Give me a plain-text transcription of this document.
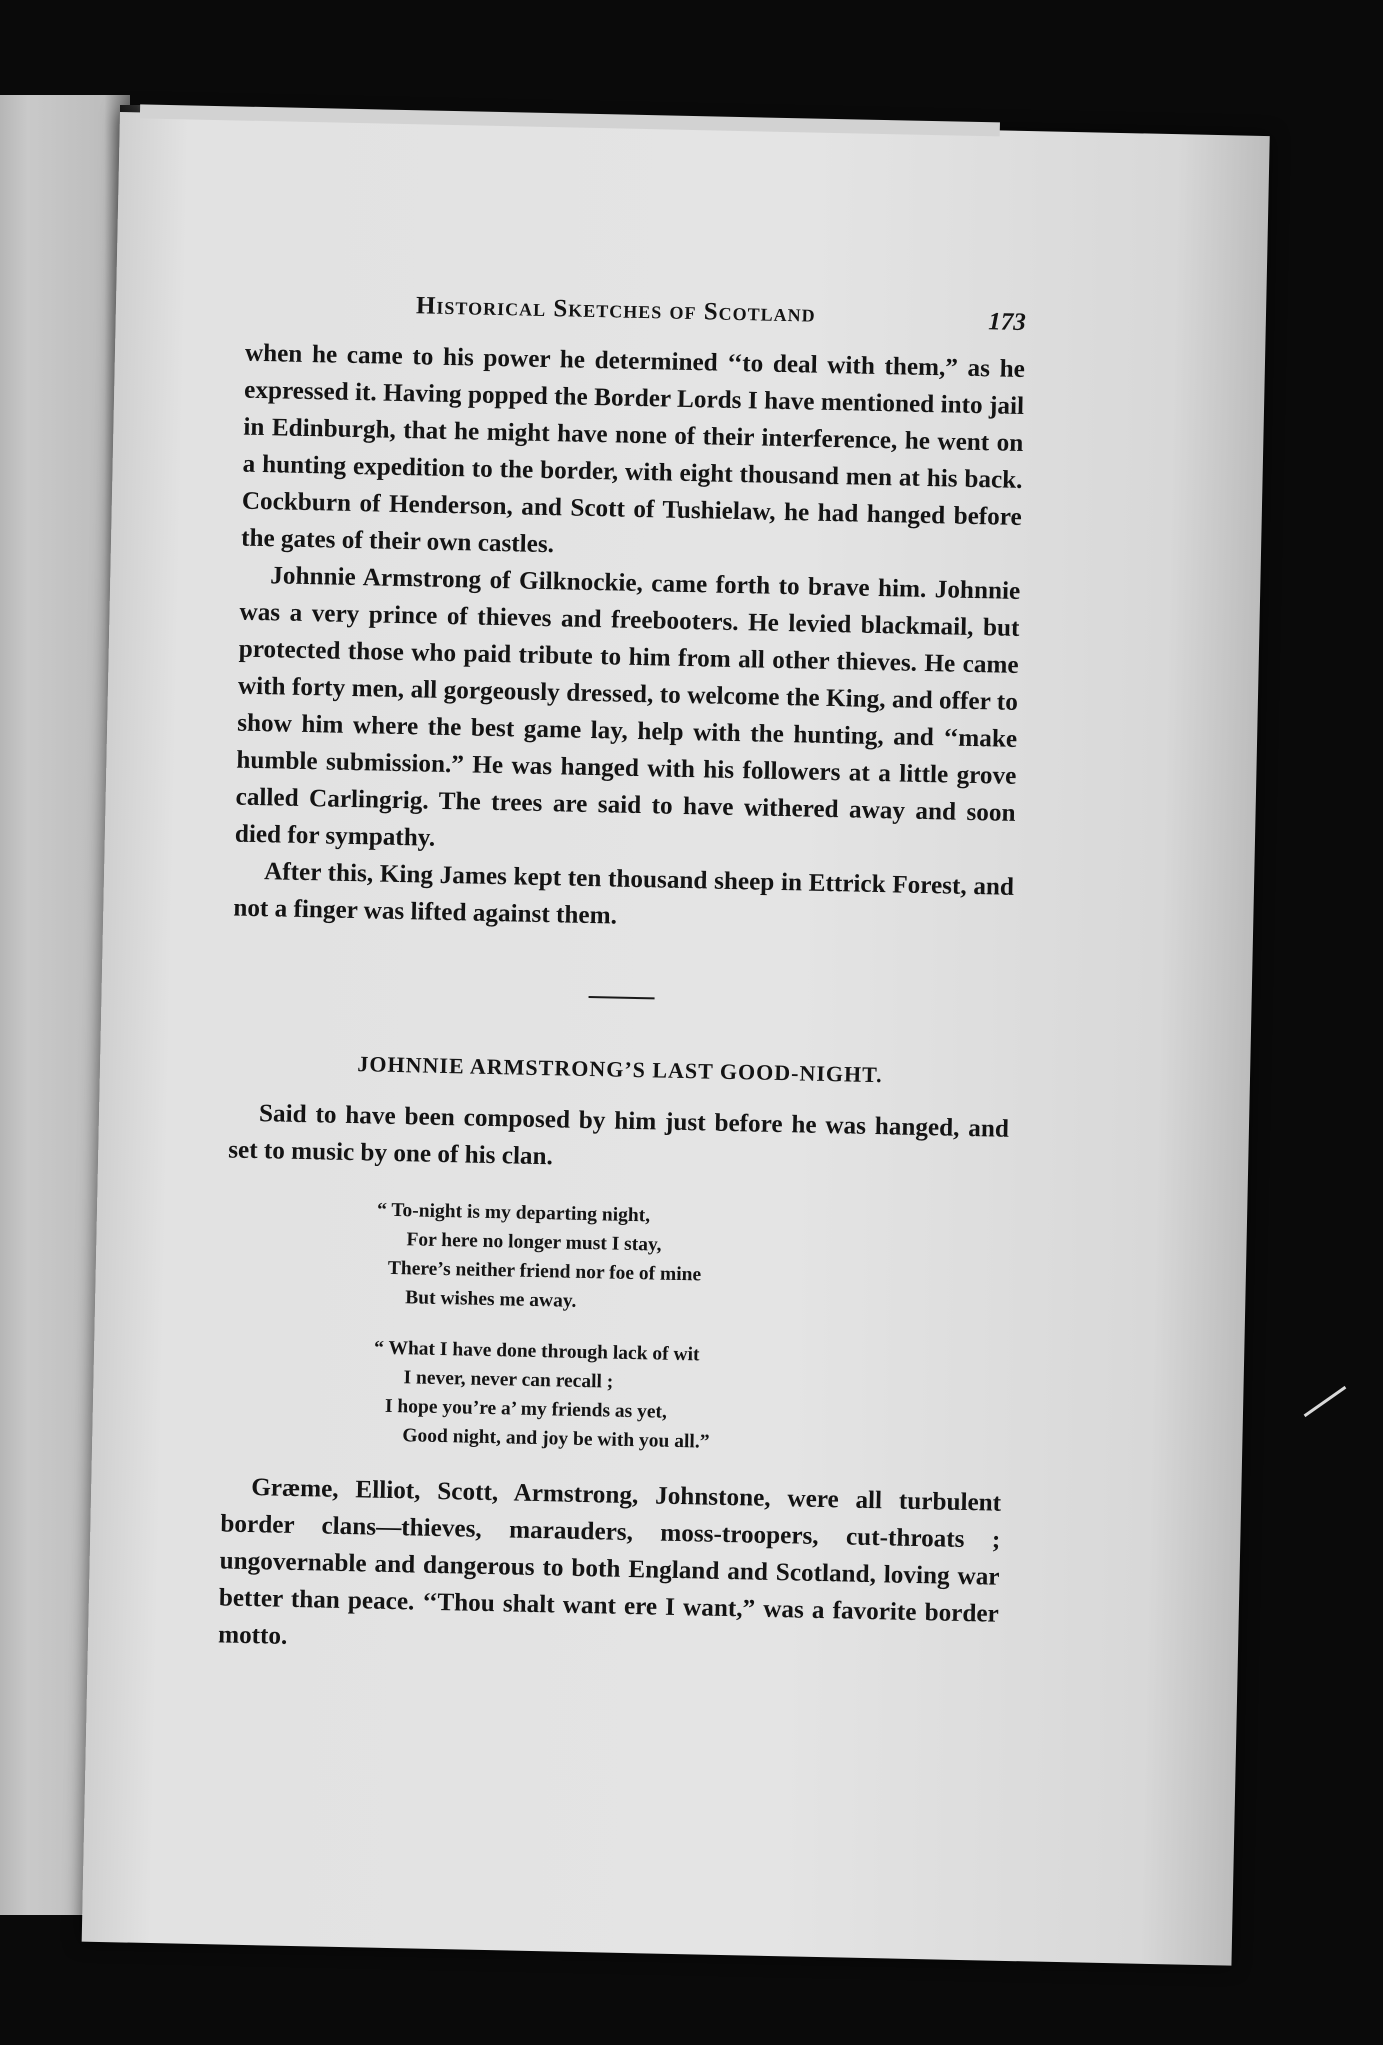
Historical Sketches of Scotland	173

when he came to his power he determined ‘‘to deal with them,” as he expressed it. Having popped the Border Lords I have mentioned into jail in Edinburgh, that he might have none of their interference, he went on a hunting expedition to the border, with eight thousand men at his back. Cockburn of Henderson, and Scott of Tushielaw, he had hanged before the gates of their own castles.

Johnnie Armstrong of Gilknockie, came forth to brave him. Johnnie was a very prince of thieves and freebooters. He levied blackmail, but protected those who paid tribute to him from all other thieves. He came with forty men, all gorgeously dressed, to welcome the King, and offer to show him where the best game lay, help with the hunting, and ‘‘make humble submission.” He was hanged with his followers at a little grove called Carlingrig. The trees are said to have withered away and soon died for sympathy.

After this, King James kept ten thousand sheep in Ettrick Forest, and not a finger was lifted against them.

JOHNNIE ARMSTRONG’S LAST GOOD-NIGHT.

Said to have been composed by him just before he was hanged, and set to music by one of his clan.

“ To-night is my departing night,
For here no longer must I stay,
There’s neither friend nor foe of mine
But wishes me away.
“ What I have done through lack of wit
I never, never can recall ;
I hope you’re a’ my friends as yet,
Good night, and joy be with you all.”

Græme, Elliot, Scott, Armstrong, Johnstone, were all turbulent border clans—thieves, marauders, moss-troopers, cut-throats ; ungovernable and dangerous to both England and Scotland, loving war better than peace. ‘‘Thou shalt want ere I want,” was a favorite border motto.
